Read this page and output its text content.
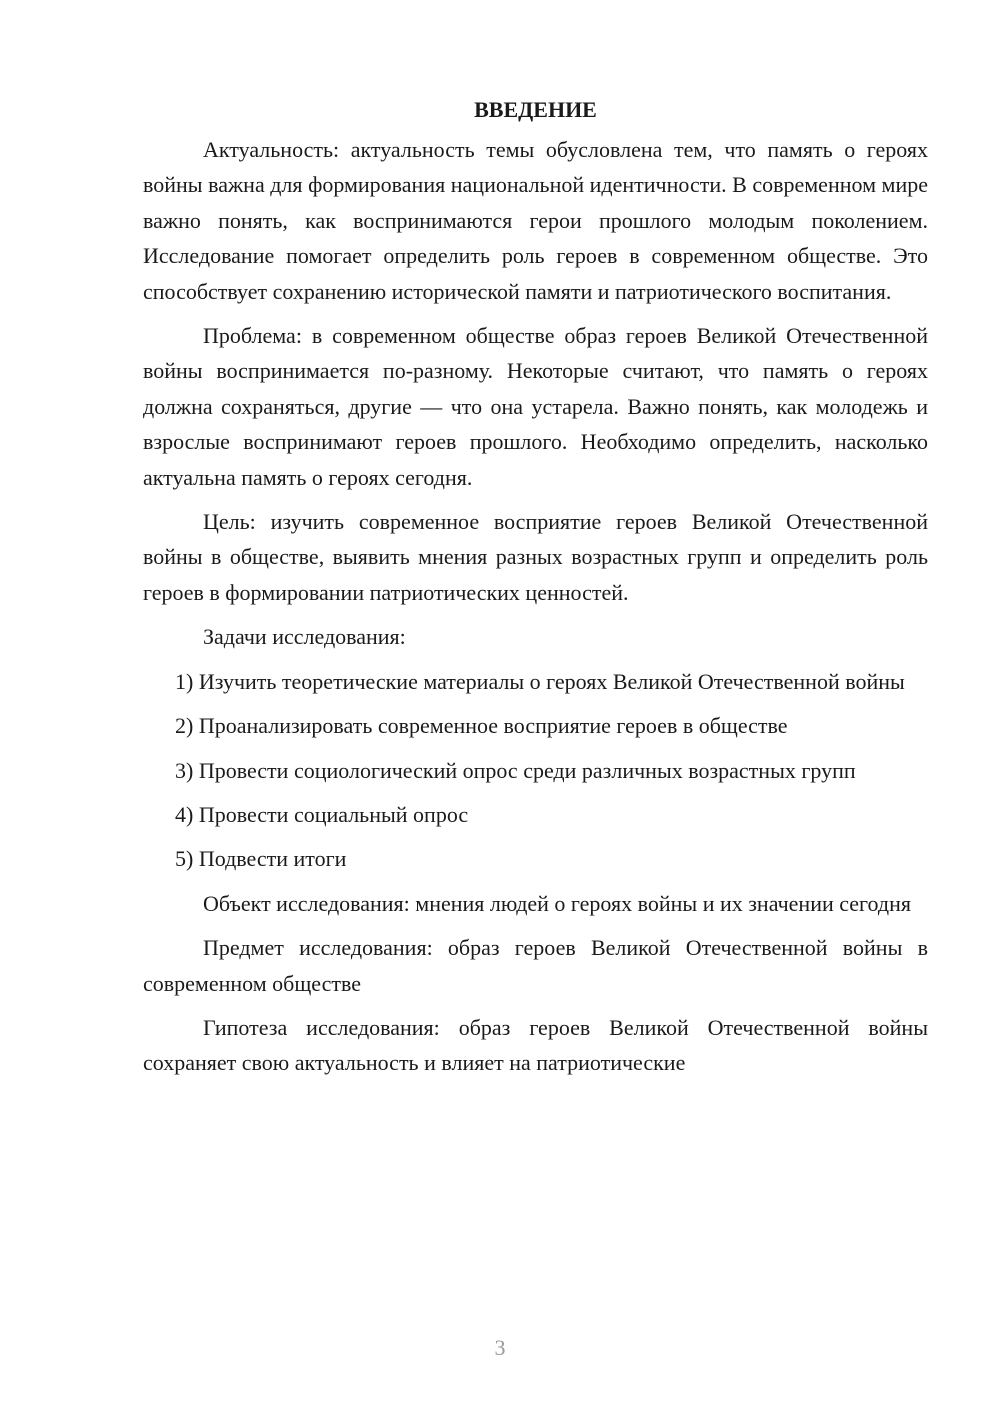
ВВЕДЕНИЕ

Актуальность: актуальность темы обусловлена тем, что память о героях войны важна для формирования национальной идентичности. В современном мире важно понять, как воспринимаются герои прошлого молодым поколением. Исследование помогает определить роль героев в современном обществе. Это способствует сохранению исторической памяти и патриотического воспитания.

Проблема: в современном обществе образ героев Великой Отечественной войны воспринимается по-разному. Некоторые считают, что память о героях должна сохраняться, другие — что она устарела. Важно понять, как молодежь и взрослые воспринимают героев прошлого. Необходимо определить, насколько актуальна память о героях сегодня.

Цель: изучить современное восприятие героев Великой Отечественной войны в обществе, выявить мнения разных возрастных групп и определить роль героев в формировании патриотических ценностей.

Задачи исследования:

1) Изучить теоретические материалы о героях Великой Отечественной войны

2) Проанализировать современное восприятие героев в обществе

3) Провести социологический опрос среди различных возрастных групп

4) Провести социальный опрос

5) Подвести итоги

Объект исследования: мнения людей о героях войны и их значении сегодня

Предмет исследования: образ героев Великой Отечественной войны в современном обществе

Гипотеза исследования: образ героев Великой Отечественной войны сохраняет свою актуальность и влияет на патриотические

3
